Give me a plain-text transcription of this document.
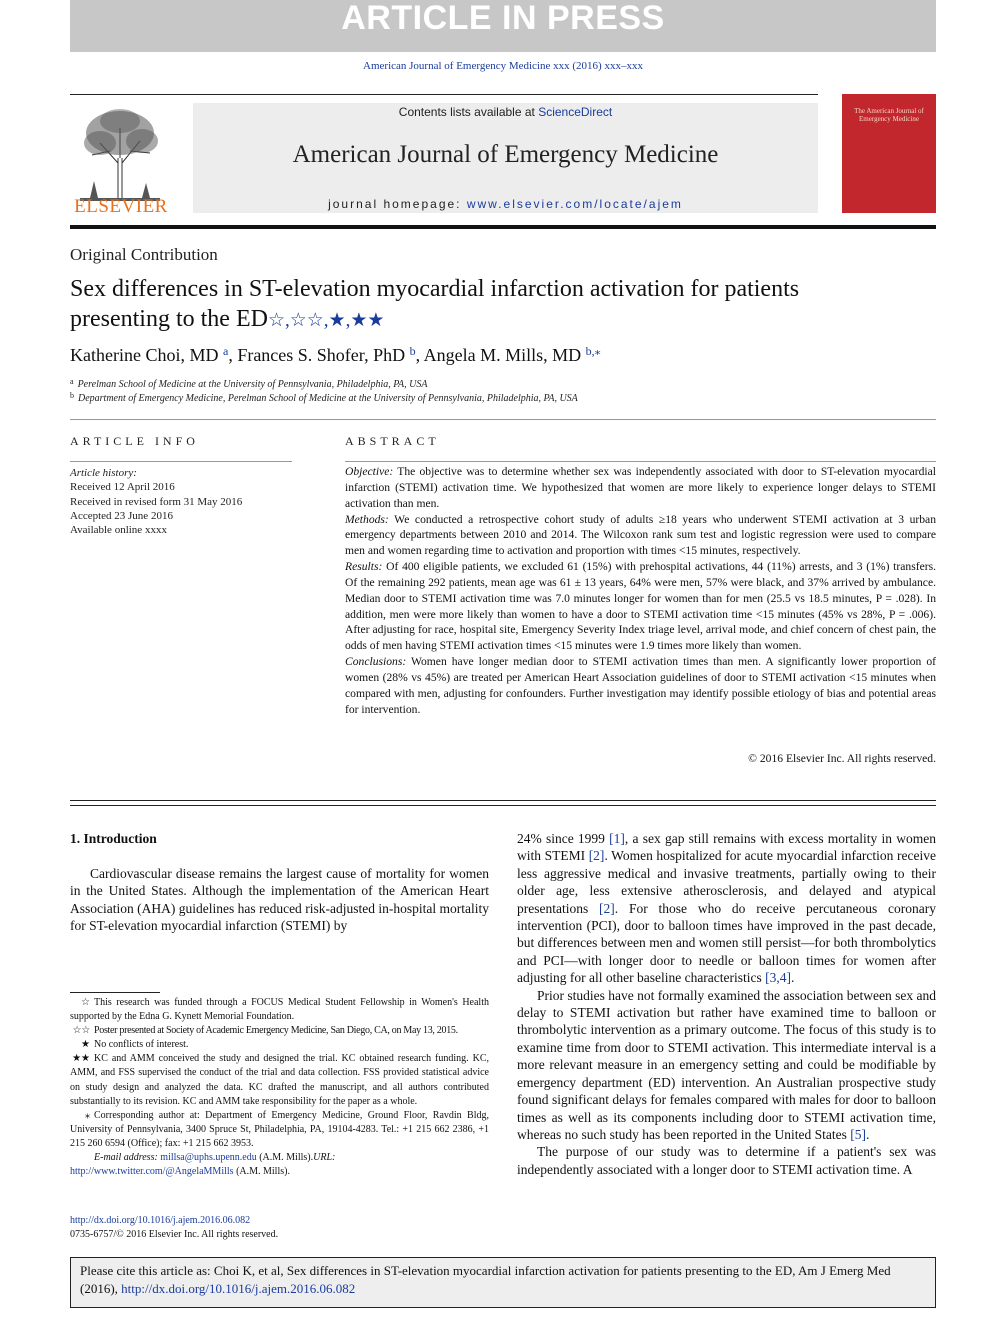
ARTICLE IN PRESS
American Journal of Emergency Medicine xxx (2016) xxx–xxx
ELSEVIER
Contents lists available at ScienceDirect
American Journal of Emergency Medicine
journal homepage: www.elsevier.com/locate/ajem
The American Journal of Emergency Medicine
Original Contribution
Sex differences in ST-elevation myocardial infarction activation for patients presenting to the ED☆,☆☆,★,★★
Katherine Choi, MD $^a$, Frances S. Shofer, PhD $^b$, Angela M. Mills, MD $^{b,⁎}$
$^a$ Perelman School of Medicine at the University of Pennsylvania, Philadelphia, PA, USA
$^b$ Department of Emergency Medicine, Perelman School of Medicine at the University of Pennsylvania, Philadelphia, PA, USA
ARTICLE INFO
Article history:
Received 12 April 2016
Received in revised form 31 May 2016
Accepted 23 June 2016
Available online xxxx
ABSTRACT

Objective: The objective was to determine whether sex was independently associated with door to ST-elevation myocardial infarction (STEMI) activation time. We hypothesized that women are more likely to experience longer delays to STEMI activation than men.

Methods: We conducted a retrospective cohort study of adults ≥18 years who underwent STEMI activation at 3 urban emergency departments between 2010 and 2014. The Wilcoxon rank sum test and logistic regression were used to compare men and women regarding time to activation and proportion with times <15 minutes, respectively.

Results: Of 400 eligible patients, we excluded 61 (15%) with prehospital activations, 44 (11%) arrests, and 3 (1%) transfers. Of the remaining 292 patients, mean age was 61 ± 13 years, 64% were men, 57% were black, and 37% arrived by ambulance. Median door to STEMI activation time was 7.0 minutes longer for women than for men (25.5 vs 18.5 minutes, P = .028). In addition, men were more likely than women to have a door to STEMI activation time <15 minutes (45% vs 28%, P = .006). After adjusting for race, hospital site, Emergency Severity Index triage level, arrival mode, and chief concern of chest pain, the odds of men having STEMI activation times <15 minutes were 1.9 times more likely than women.

Conclusions: Women have longer median door to STEMI activation times than men. A significantly lower proportion of women (28% vs 45%) are treated per American Heart Association guidelines of door to STEMI activation <15 minutes when compared with men, adjusting for confounders. Further investigation may identify possible etiology of bias and potential areas for intervention.

© 2016 Elsevier Inc. All rights reserved.
1. Introduction

Cardiovascular disease remains the largest cause of mortality for women in the United States. Although the implementation of the American Heart Association (AHA) guidelines has reduced risk-adjusted in-hospital mortality for ST-elevation myocardial infarction (STEMI) by

24% since 1999 [1], a sex gap still remains with excess mortality in women with STEMI [2]. Women hospitalized for acute myocardial infarction receive less aggressive medical and invasive treatments, partially owing to their older age, less extensive atherosclerosis, and delayed and atypical presentations [2]. For those who do receive percutaneous coronary intervention (PCI), door to balloon times have improved in the past decade, but differences between men and women still persist—for both thrombolytics and PCI—with longer door to needle or balloon times for women after adjusting for all other baseline characteristics [3,4].

Prior studies have not formally examined the association between sex and delay to STEMI activation but rather have examined time to balloon or thrombolytic intervention as a primary outcome. The focus of this study is to examine time from door to STEMI activation. This intermediate interval is a more relevant measure in an emergency setting and could be modifiable by emergency department (ED) intervention. An Australian prospective study found significant delays for females compared with males for door to balloon times as well as its components including door to STEMI activation time, whereas no such study has been reported in the United States [5].

The purpose of our study was to determine if a patient's sex was independently associated with a longer door to STEMI activation time. A

☆ This research was funded through a FOCUS Medical Student Fellowship in Women's Health supported by the Edna G. Kynett Memorial Foundation.

☆☆ Poster presented at Society of Academic Emergency Medicine, San Diego, CA, on May 13, 2015.

★ No conflicts of interest.

★★ KC and AMM conceived the study and designed the trial. KC obtained research funding. KC, AMM, and FSS supervised the conduct of the trial and data collection. FSS provided statistical advice on study design and analyzed the data. KC drafted the manuscript, and all authors contributed substantially to its revision. KC and AMM take responsibility for the paper as a whole.

⁎ Corresponding author at: Department of Emergency Medicine, Ground Floor, Ravdin Bldg, University of Pennsylvania, 3400 Spruce St, Philadelphia, PA, 19104-4283. Tel.: +1 215 662 2386, +1 215 260 6594 (Office); fax: +1 215 662 3953.

E-mail address: millsa@uphs.upenn.edu (A.M. Mills).URL:

http://www.twitter.com/@AngelaMMills (A.M. Mills).

http://dx.doi.org/10.1016/j.ajem.2016.06.082
0735-6757/© 2016 Elsevier Inc. All rights reserved.
Please cite this article as: Choi K, et al, Sex differences in ST-elevation myocardial infarction activation for patients presenting to the ED, Am J Emerg Med (2016), http://dx.doi.org/10.1016/j.ajem.2016.06.082
